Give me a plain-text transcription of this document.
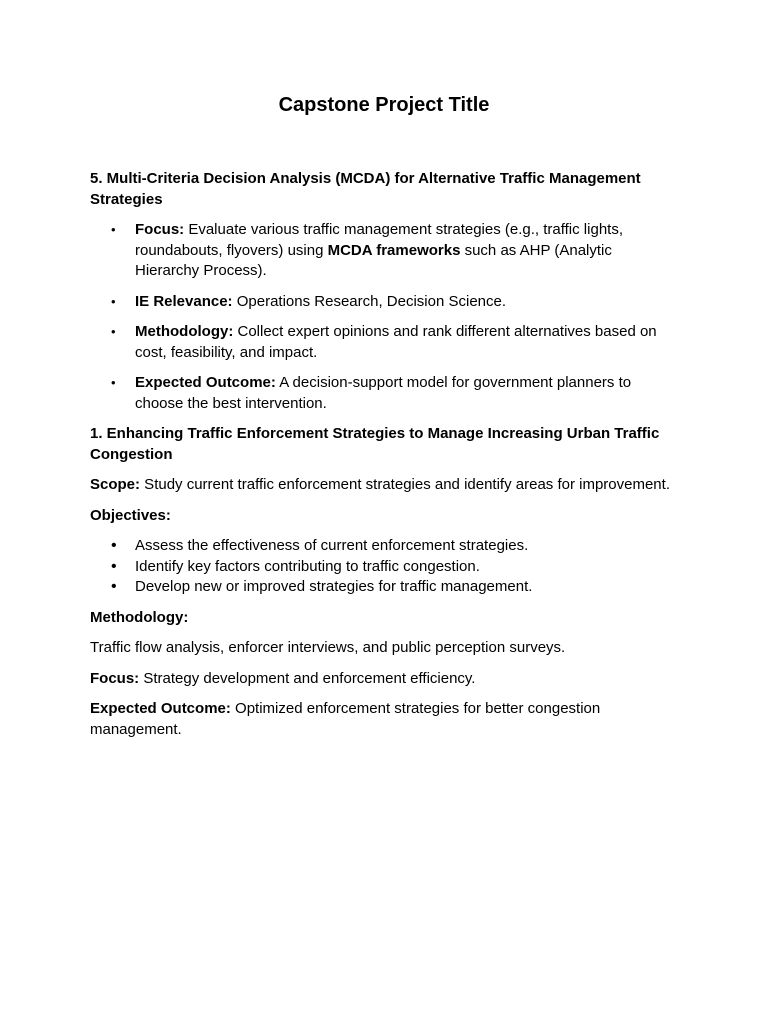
Capstone Project Title
5. Multi-Criteria Decision Analysis (MCDA) for Alternative Traffic Management Strategies
• Focus: Evaluate various traffic management strategies (e.g., traffic lights, roundabouts, flyovers) using MCDA frameworks such as AHP (Analytic Hierarchy Process).
• IE Relevance: Operations Research, Decision Science.
• Methodology: Collect expert opinions and rank different alternatives based on cost, feasibility, and impact.
• Expected Outcome: A decision-support model for government planners to choose the best intervention.
1. Enhancing Traffic Enforcement Strategies to Manage Increasing Urban Traffic Congestion

Scope: Study current traffic enforcement strategies and identify areas for improvement.

Objectives:

• Assess the effectiveness of current enforcement strategies.
• Identify key factors contributing to traffic congestion.
• Develop new or improved strategies for traffic management.

Methodology:

Traffic flow analysis, enforcer interviews, and public perception surveys.

Focus: Strategy development and enforcement efficiency.

Expected Outcome: Optimized enforcement strategies for better congestion management.
